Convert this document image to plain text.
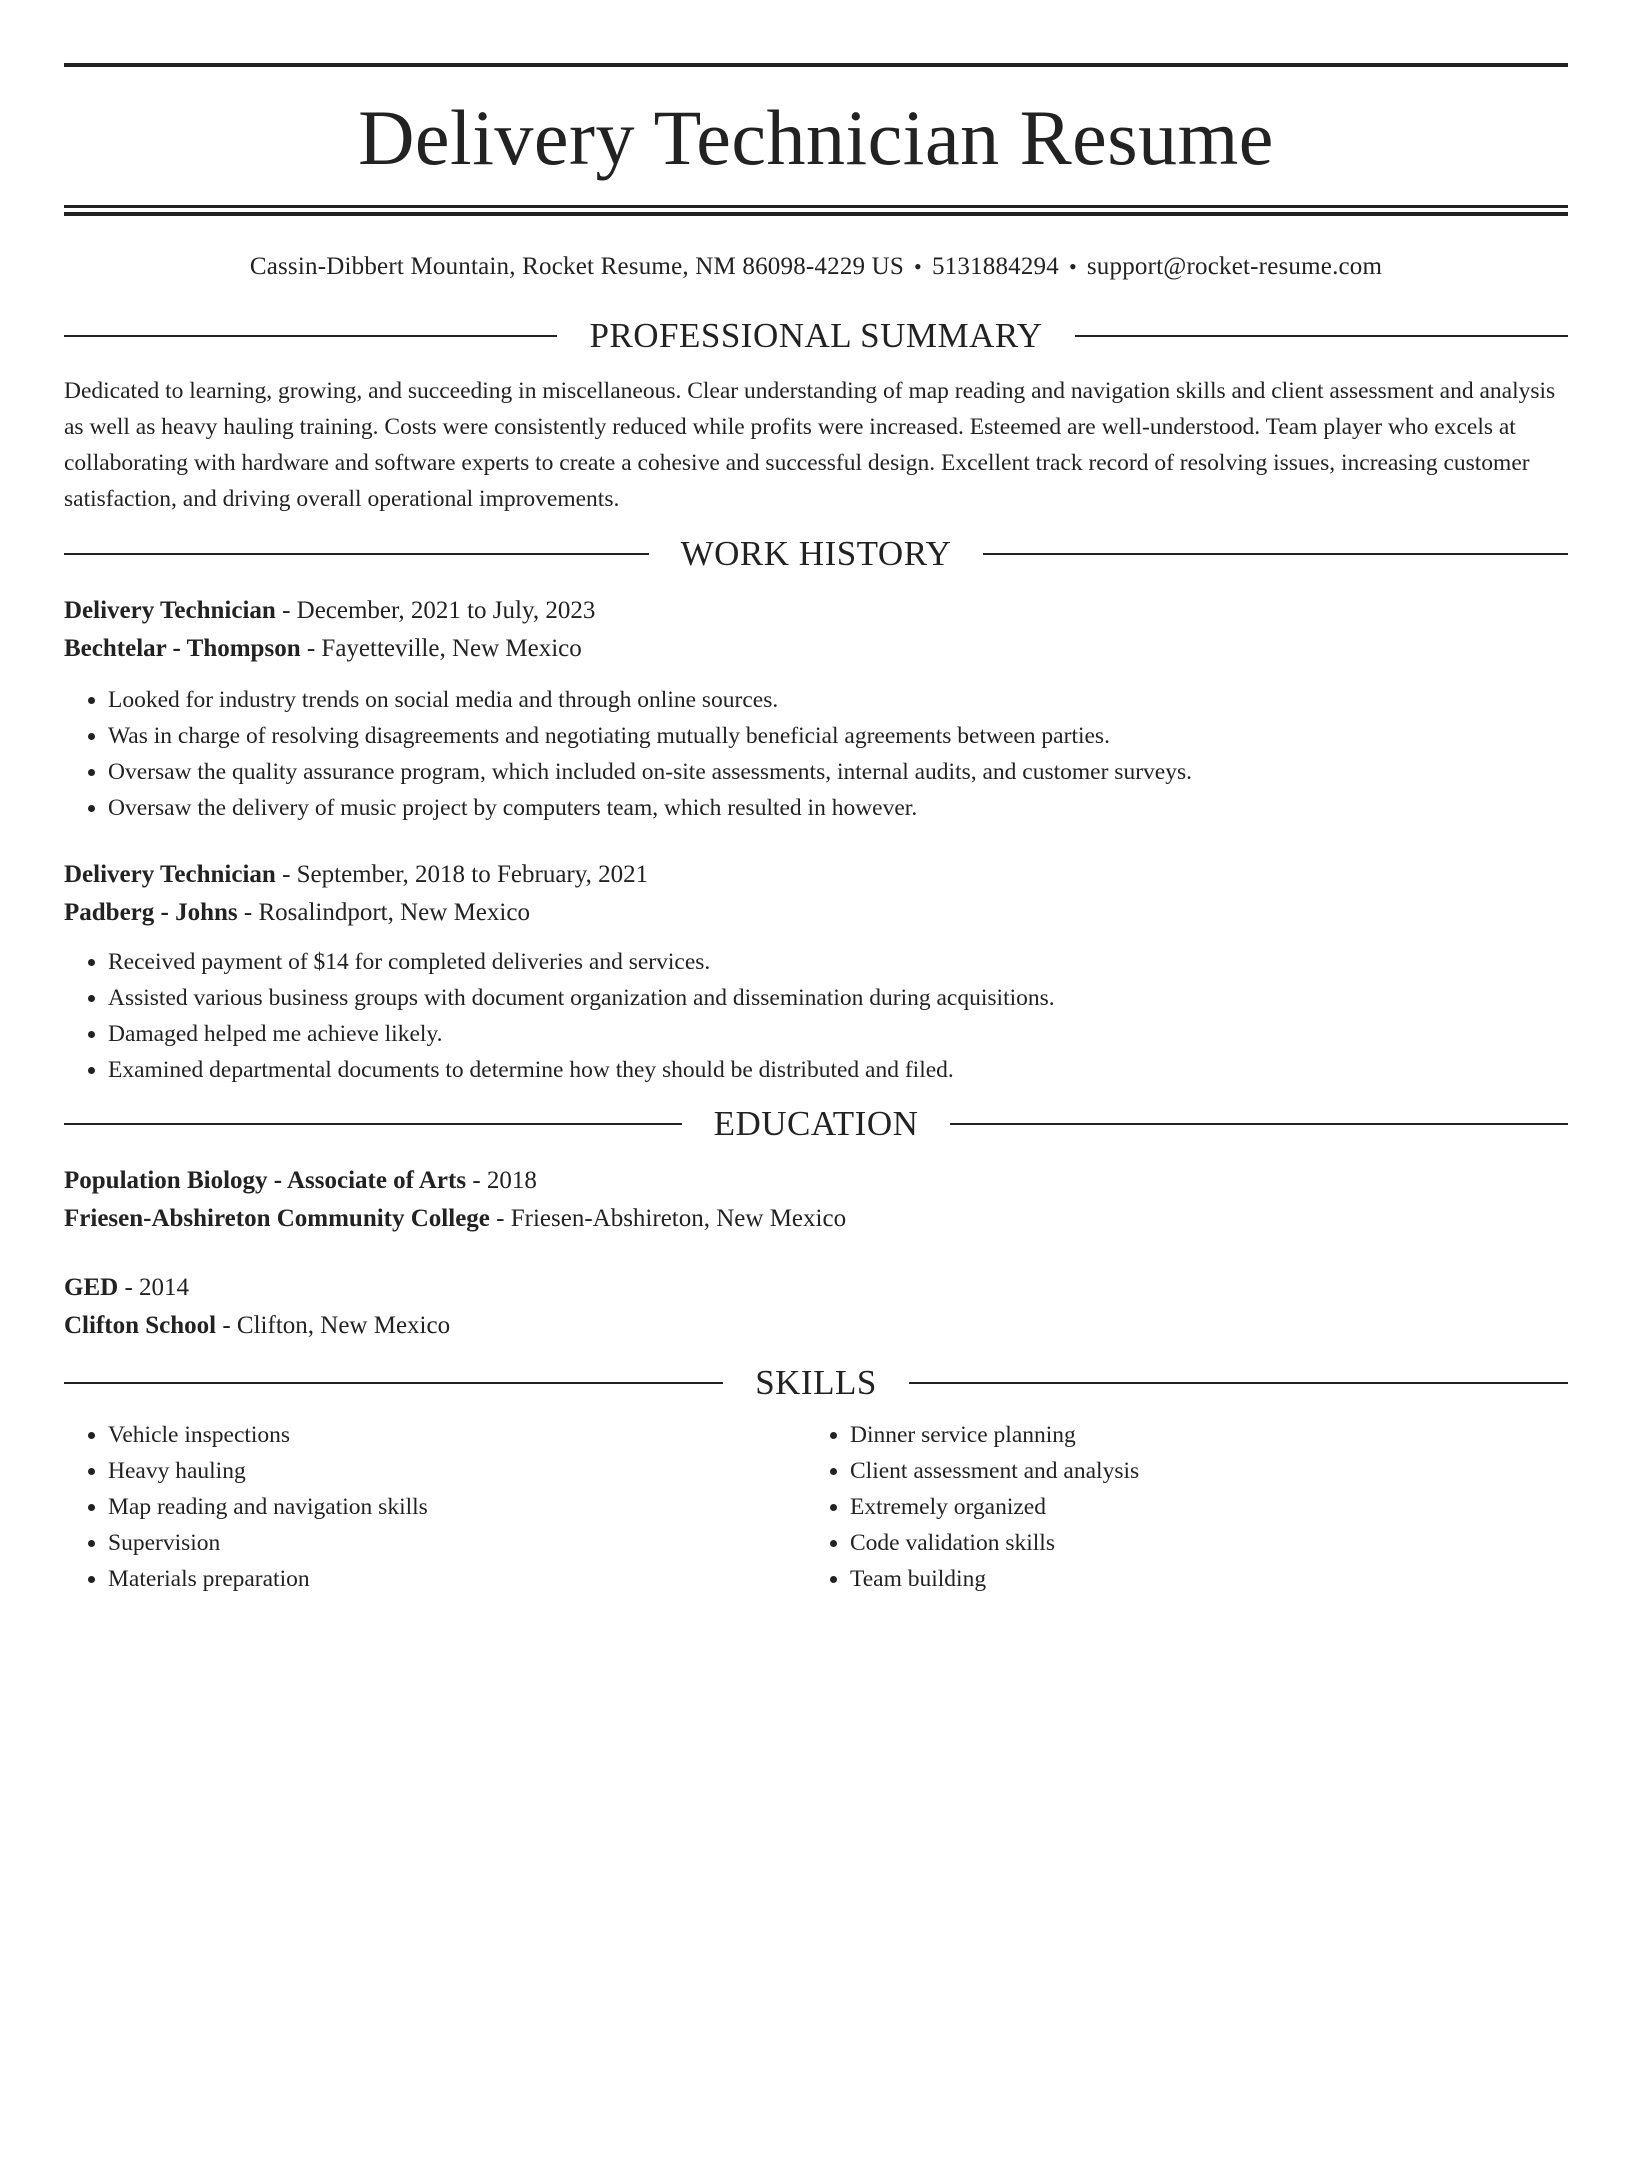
Delivery Technician Resume
Cassin-Dibbert Mountain, Rocket Resume, NM 86098-4229 US • 5131884294 • support@rocket-resume.com
PROFESSIONAL SUMMARY

Dedicated to learning, growing, and succeeding in miscellaneous. Clear understanding of map reading and navigation skills and client assessment and analysis as well as heavy hauling training. Costs were consistently reduced while profits were increased. Esteemed are well-understood. Team player who excels at collaborating with hardware and software experts to create a cohesive and successful design. Excellent track record of resolving issues, increasing customer satisfaction, and driving overall operational improvements.

WORK HISTORY

Delivery Technician - December, 2021 to July, 2023

Bechtelar - Thompson - Fayetteville, New Mexico

• Looked for industry trends on social media and through online sources.
• Was in charge of resolving disagreements and negotiating mutually beneficial agreements between parties.
• Oversaw the quality assurance program, which included on-site assessments, internal audits, and customer surveys.
• Oversaw the delivery of music project by computers team, which resulted in however.

Delivery Technician - September, 2018 to February, 2021

Padberg - Johns - Rosalindport, New Mexico

• Received payment of $14 for completed deliveries and services.
• Assisted various business groups with document organization and dissemination during acquisitions.
• Damaged helped me achieve likely.
• Examined departmental documents to determine how they should be distributed and filed.
EDUCATION

Population Biology - Associate of Arts - 2018

Friesen-Abshireton Community College - Friesen-Abshireton, New Mexico

GED - 2014

Clifton School - Clifton, New Mexico

SKILLS
• Vehicle inspections
• Heavy hauling
• Map reading and navigation skills
• Supervision
• Materials preparation
• Dinner service planning
• Client assessment and analysis
• Extremely organized
• Code validation skills
• Team building
